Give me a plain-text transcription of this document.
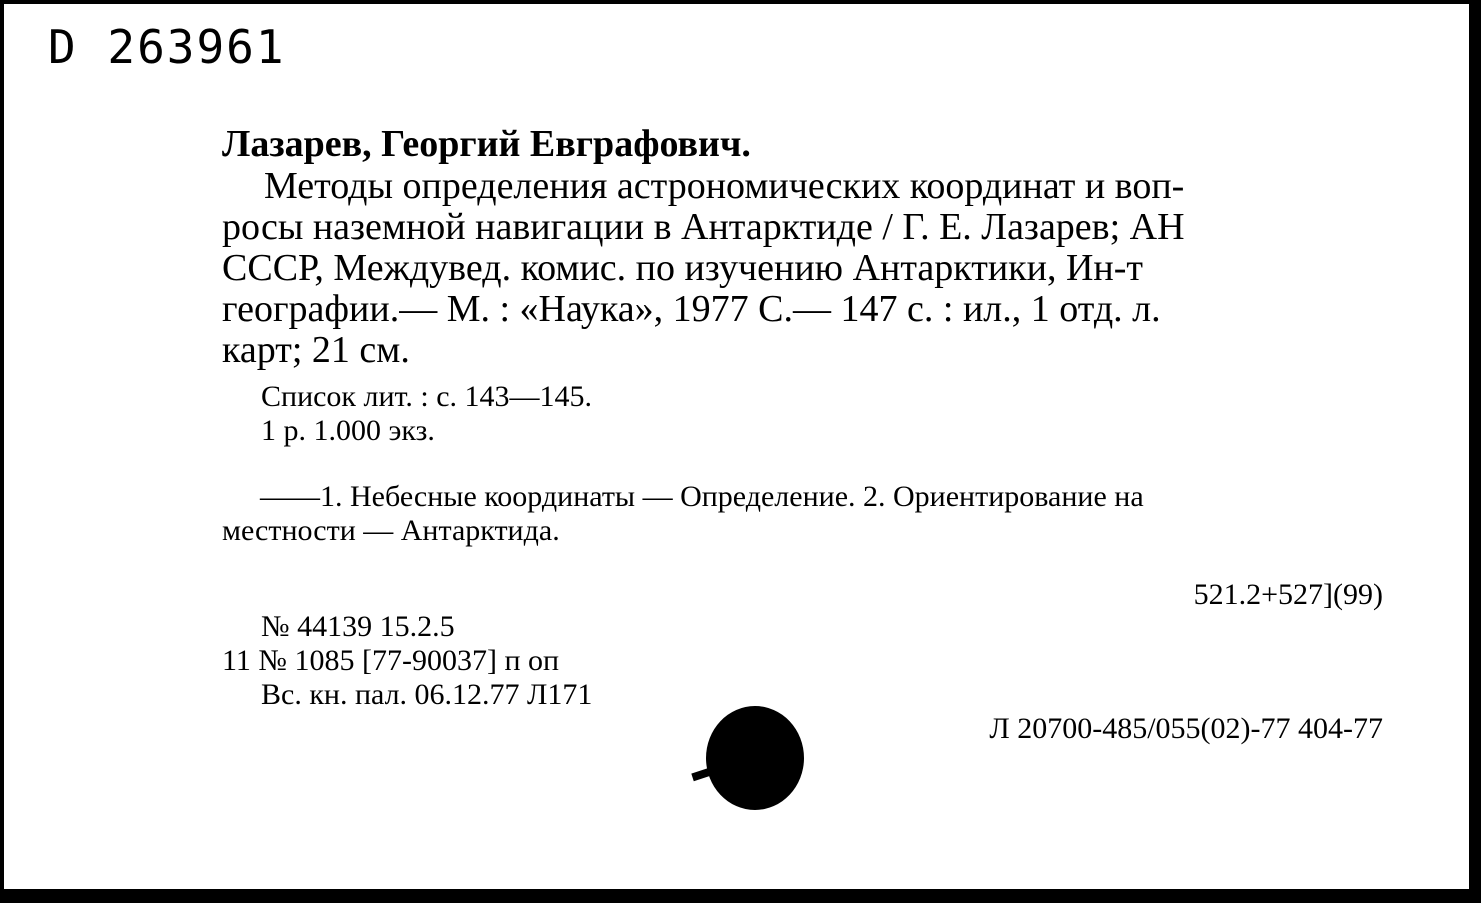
D 263961
Лазарев, Георгий Евграфович.
Методы определения астрономических координат и воп-
росы наземной навигации в Антарктиде / Г. Е. Лазарев; АН
СССР, Междувед. комис. по изучению Антарктики, Ин-т
географии.— М. : «Наука», 1977 С.— 147 с. : ил., 1 отд. л.
карт; 21 см.
Список лит. : с. 143—145.
1 р. 1.000 экз.
——1. Небесные координаты — Определение. 2. Ориентирование на
местности — Антарктида.
521.2+527](99)
№ 44139 15.2.5
11 № 1085 [77-90037] п оп
Вс. кн. пал. 06.12.77 Л171
Л 20700-485/055(02)-77 404-77
